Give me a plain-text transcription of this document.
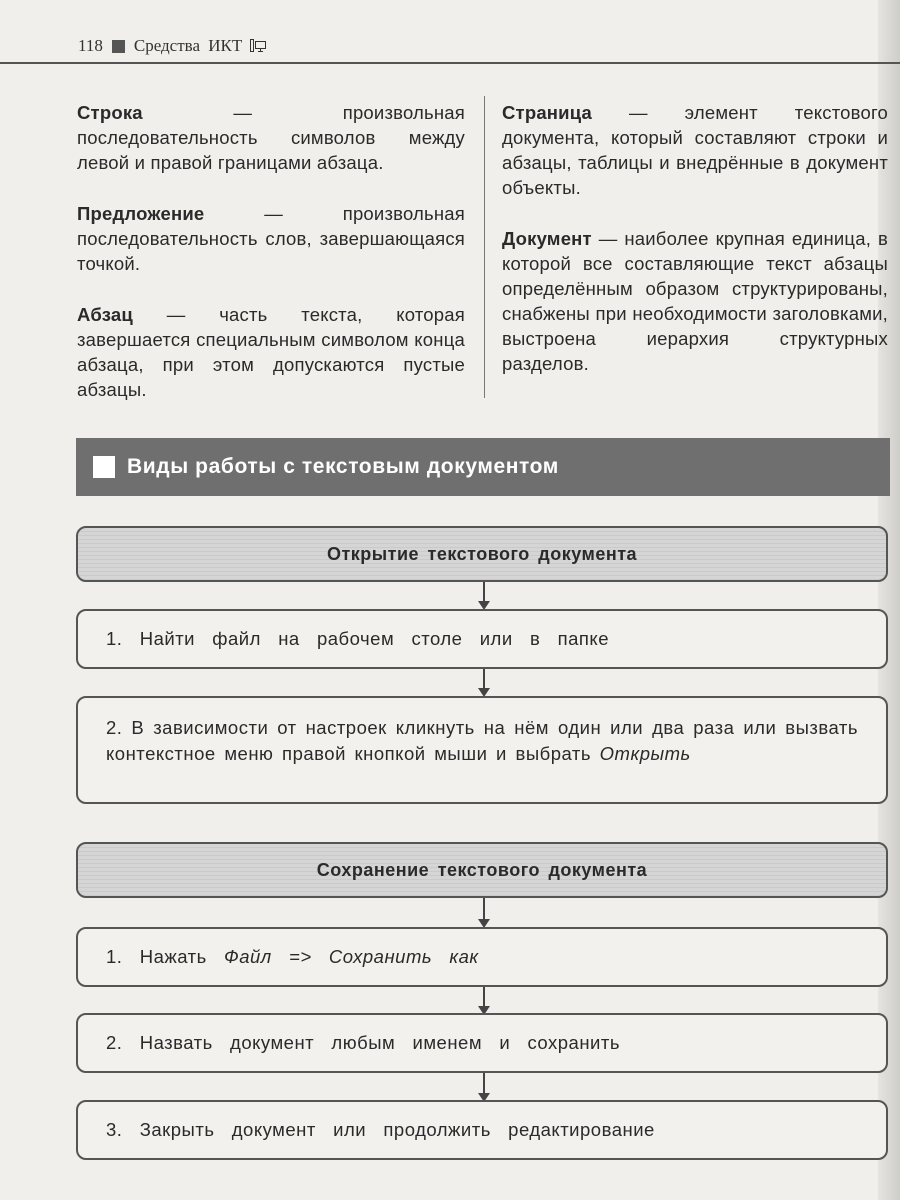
118 Средства ИКТ

Строка — произвольная последовательность символов между левой и правой границами абзаца.

Предложение — произвольная последовательность слов, завершающаяся точкой.

Абзац — часть текста, которая завершается специальным символом конца абзаца, при этом допускаются пустые абзацы.

Страница — элемент текстового документа, который составляют строки и абзацы, таблицы и внедрённые в документ объекты.

Документ — наиболее крупная единица, в которой все составляющие текст абзацы определённым образом структурированы, снабжены при необходимости заголовками, выстроена иерархия структурных разделов.

Виды работы с текстовым документом
Открытие текстового документа
1.  Найти  файл  на  рабочем  столе  или  в  папке
2. В зависимости от настроек кликнуть на нём один или два раза или вызвать контекстное меню правой кнопкой мыши и выбрать Открыть
Сохранение текстового документа
1.  Нажать  Файл  =>  Сохранить  как
2.  Назвать  документ  любым  именем  и  сохранить
3.  Закрыть  документ  или  продолжить  редактирование
